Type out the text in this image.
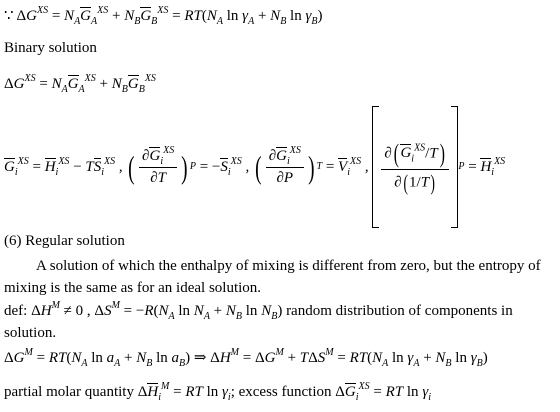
∵ $\Delta G^{XS} = N_AG_A^{XS} + N_BG_B^{XS} = RT(N_A$ $\ln \gamma_A + N_B$ $\ln \gamma_B$)
Binary solution
$\Delta G^{XS} = N_AG_A^{XS} + N_BG_B^{XS}$
$G_i^{XS} = H_i^{XS} - TS_i^{XS}$ , ( $\frac{\partial G_i^{XS}}{\partial T}$ ) $P = -S_i^{XS}$ , ( $\frac{\partial G_i^{XS}}{\partial P}$ ) $T = V_i^{XS}$ , $\frac{\partial( G_i^{XS}/T)}{\partial(1/T)}$ $P = H_i^{XS}$
(6) Regular solution
A solution of which the enthalpy of mixing is different from zero, but the entropy of mixing is the same as for an ideal solution.
def: $\Delta H^M \ne 0$ , $\Delta S^M = -R(N_A$ $\ln N_A + N_B$ $\ln N_B$) random distribution of components in solution.
$\Delta G^M = RT(N_A$ $\ln a_A + N_B$ $\ln a_B$) ⇒ $\Delta H^M = \Delta G^M + T\Delta S^M = RT(N_A$ $\ln \gamma_A + N_B$ $\ln \gamma_B$)
partial molar quantity $\Delta H_i^M$ = RT $\ln \gamma_i$; excess function $\Delta G_i^{XS}$ = RT $\ln \gamma_i$
